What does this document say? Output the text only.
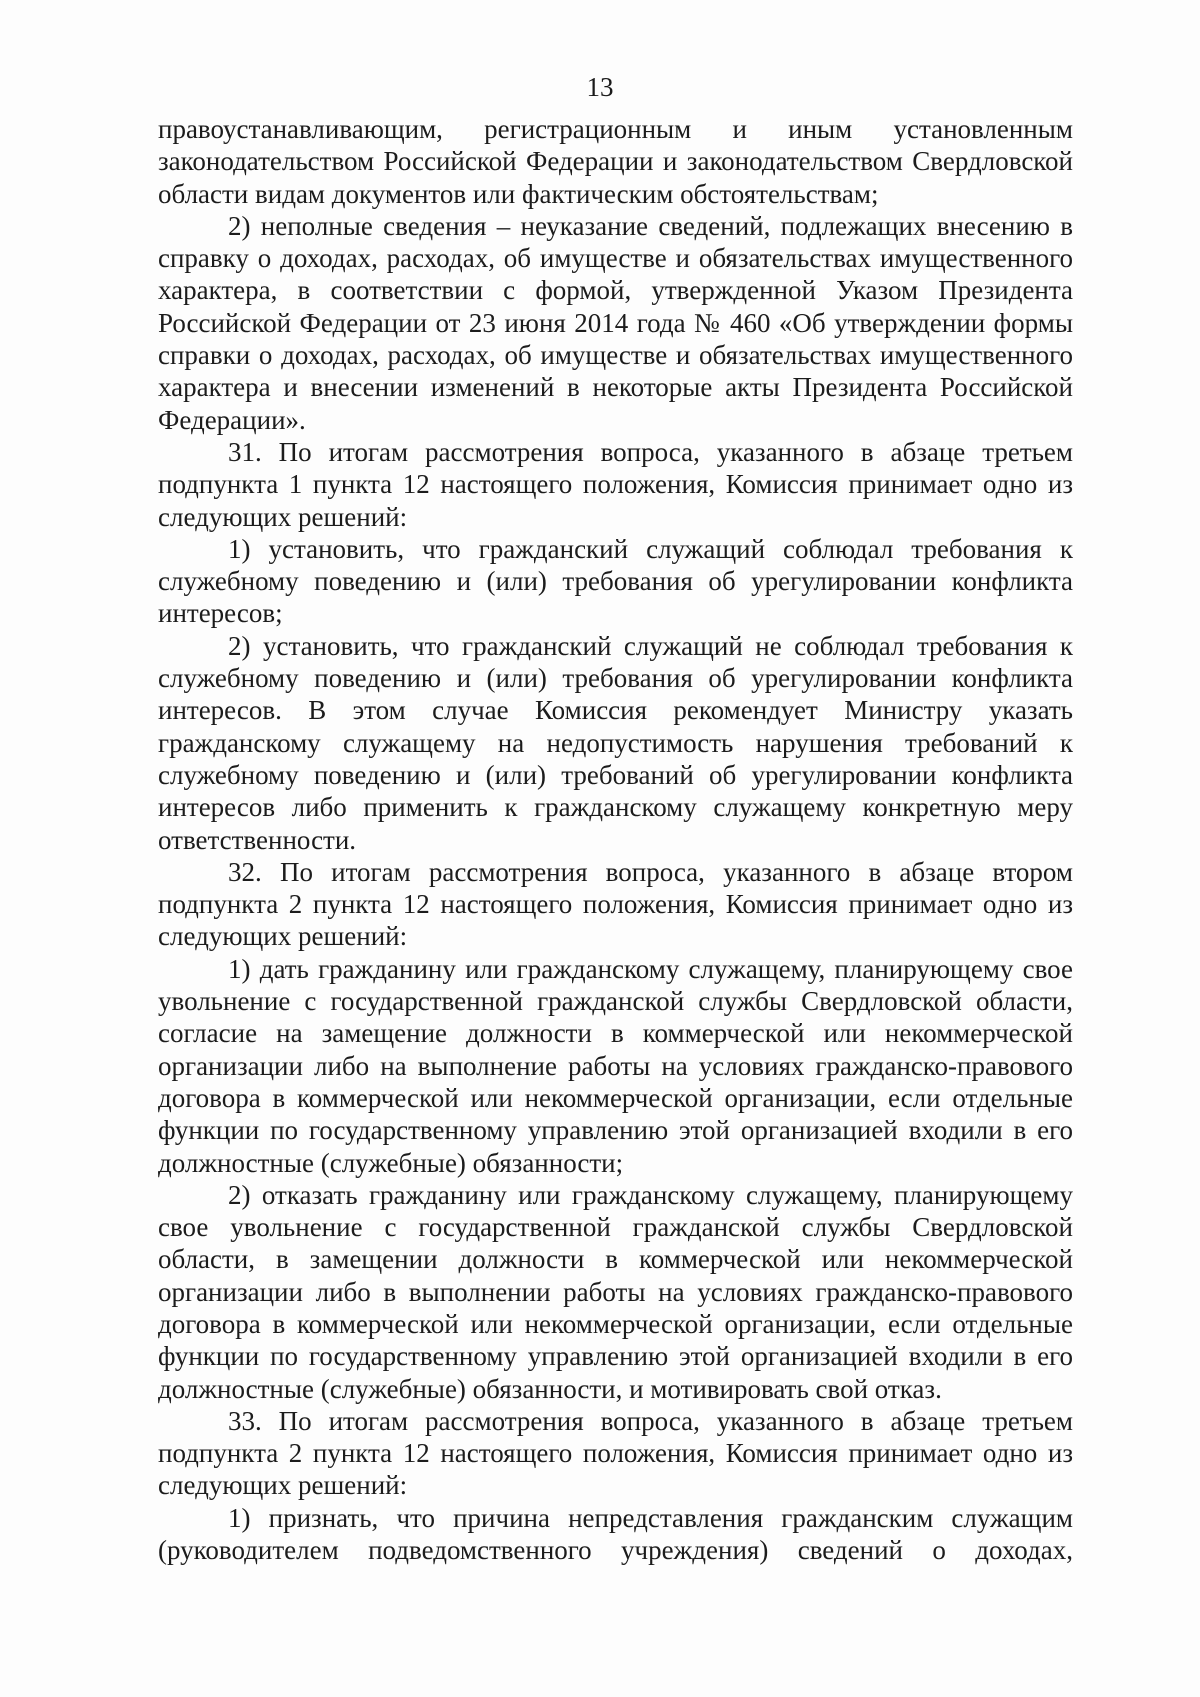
13

правоустанавливающим, регистрационным и иным установленным законодательством Российской Федерации и законодательством Свердловской области видам документов или фактическим обстоятельствам;

2) неполные сведения – неуказание сведений, подлежащих внесению в справку о доходах, расходах, об имуществе и обязательствах имущественного характера, в соответствии с формой, утвержденной Указом Президента Российской Федерации от 23 июня 2014 года № 460 «Об утверждении формы справки о доходах, расходах, об имуществе и обязательствах имущественного характера и внесении изменений в некоторые акты Президента Российской Федерации».

31. По итогам рассмотрения вопроса, указанного в абзаце третьем подпункта 1 пункта 12 настоящего положения, Комиссия принимает одно из следующих решений:

1) установить, что гражданский служащий соблюдал требования к служебному поведению и (или) требования об урегулировании конфликта интересов;

2) установить, что гражданский служащий не соблюдал требования к служебному поведению и (или) требования об урегулировании конфликта интересов. В этом случае Комиссия рекомендует Министру указать гражданскому служащему на недопустимость нарушения требований к служебному поведению и (или) требований об урегулировании конфликта интересов либо применить к гражданскому служащему конкретную меру ответственности.

32. По итогам рассмотрения вопроса, указанного в абзаце втором подпункта 2 пункта 12 настоящего положения, Комиссия принимает одно из следующих решений:

1) дать гражданину или гражданскому служащему, планирующему свое увольнение с государственной гражданской службы Свердловской области, согласие на замещение должности в коммерческой или некоммерческой организации либо на выполнение работы на условиях гражданско-правового договора в коммерческой или некоммерческой организации, если отдельные функции по государственному управлению этой организацией входили в его должностные (служебные) обязанности;

2) отказать гражданину или гражданскому служащему, планирующему свое увольнение с государственной гражданской службы Свердловской области, в замещении должности в коммерческой или некоммерческой организации либо в выполнении работы на условиях гражданско-правового договора в коммерческой или некоммерческой организации, если отдельные функции по государственному управлению этой организацией входили в его должностные (служебные) обязанности, и мотивировать свой отказ.

33. По итогам рассмотрения вопроса, указанного в абзаце третьем подпункта 2 пункта 12 настоящего положения, Комиссия принимает одно из следующих решений:

1) признать, что причина непредставления гражданским служащим (руководителем подведомственного учреждения) сведений о доходах,
